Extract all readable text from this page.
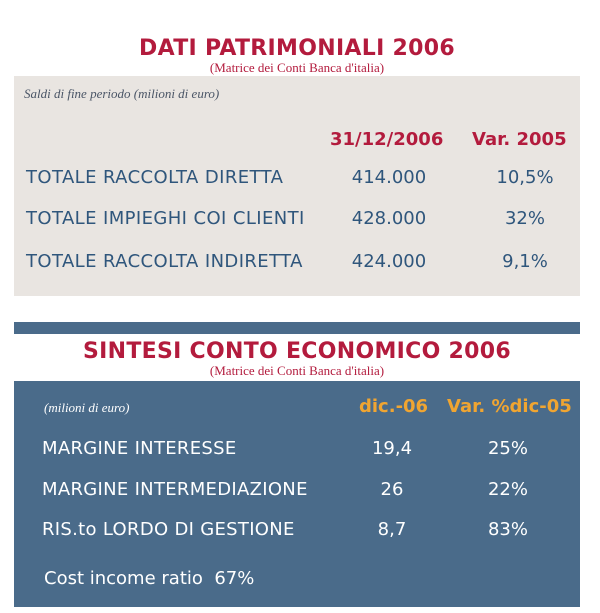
DATI PATRIMONIALI 2006
(Matrice dei Conti Banca d'italia)
Saldi di fine periodo (milioni di euro)
31/12/2006 Var. 2005
TOTALE RACCOLTA DIRETTA	414.000	10,5%
TOTALE IMPIEGHI COI CLIENTI	428.000	32%
TOTALE RACCOLTA INDIRETTA	424.000	9,1%
SINTESI CONTO ECONOMICO 2006
(Matrice dei Conti Banca d'italia)
(milioni di euro)	dic.-06 Var. %dic-05
MARGINE INTERESSE	19,4	25%
MARGINE INTERMEDIAZIONE	26	22%
RIS.to LORDO DI GESTIONE	8,7	83%
Cost income ratio  67%
